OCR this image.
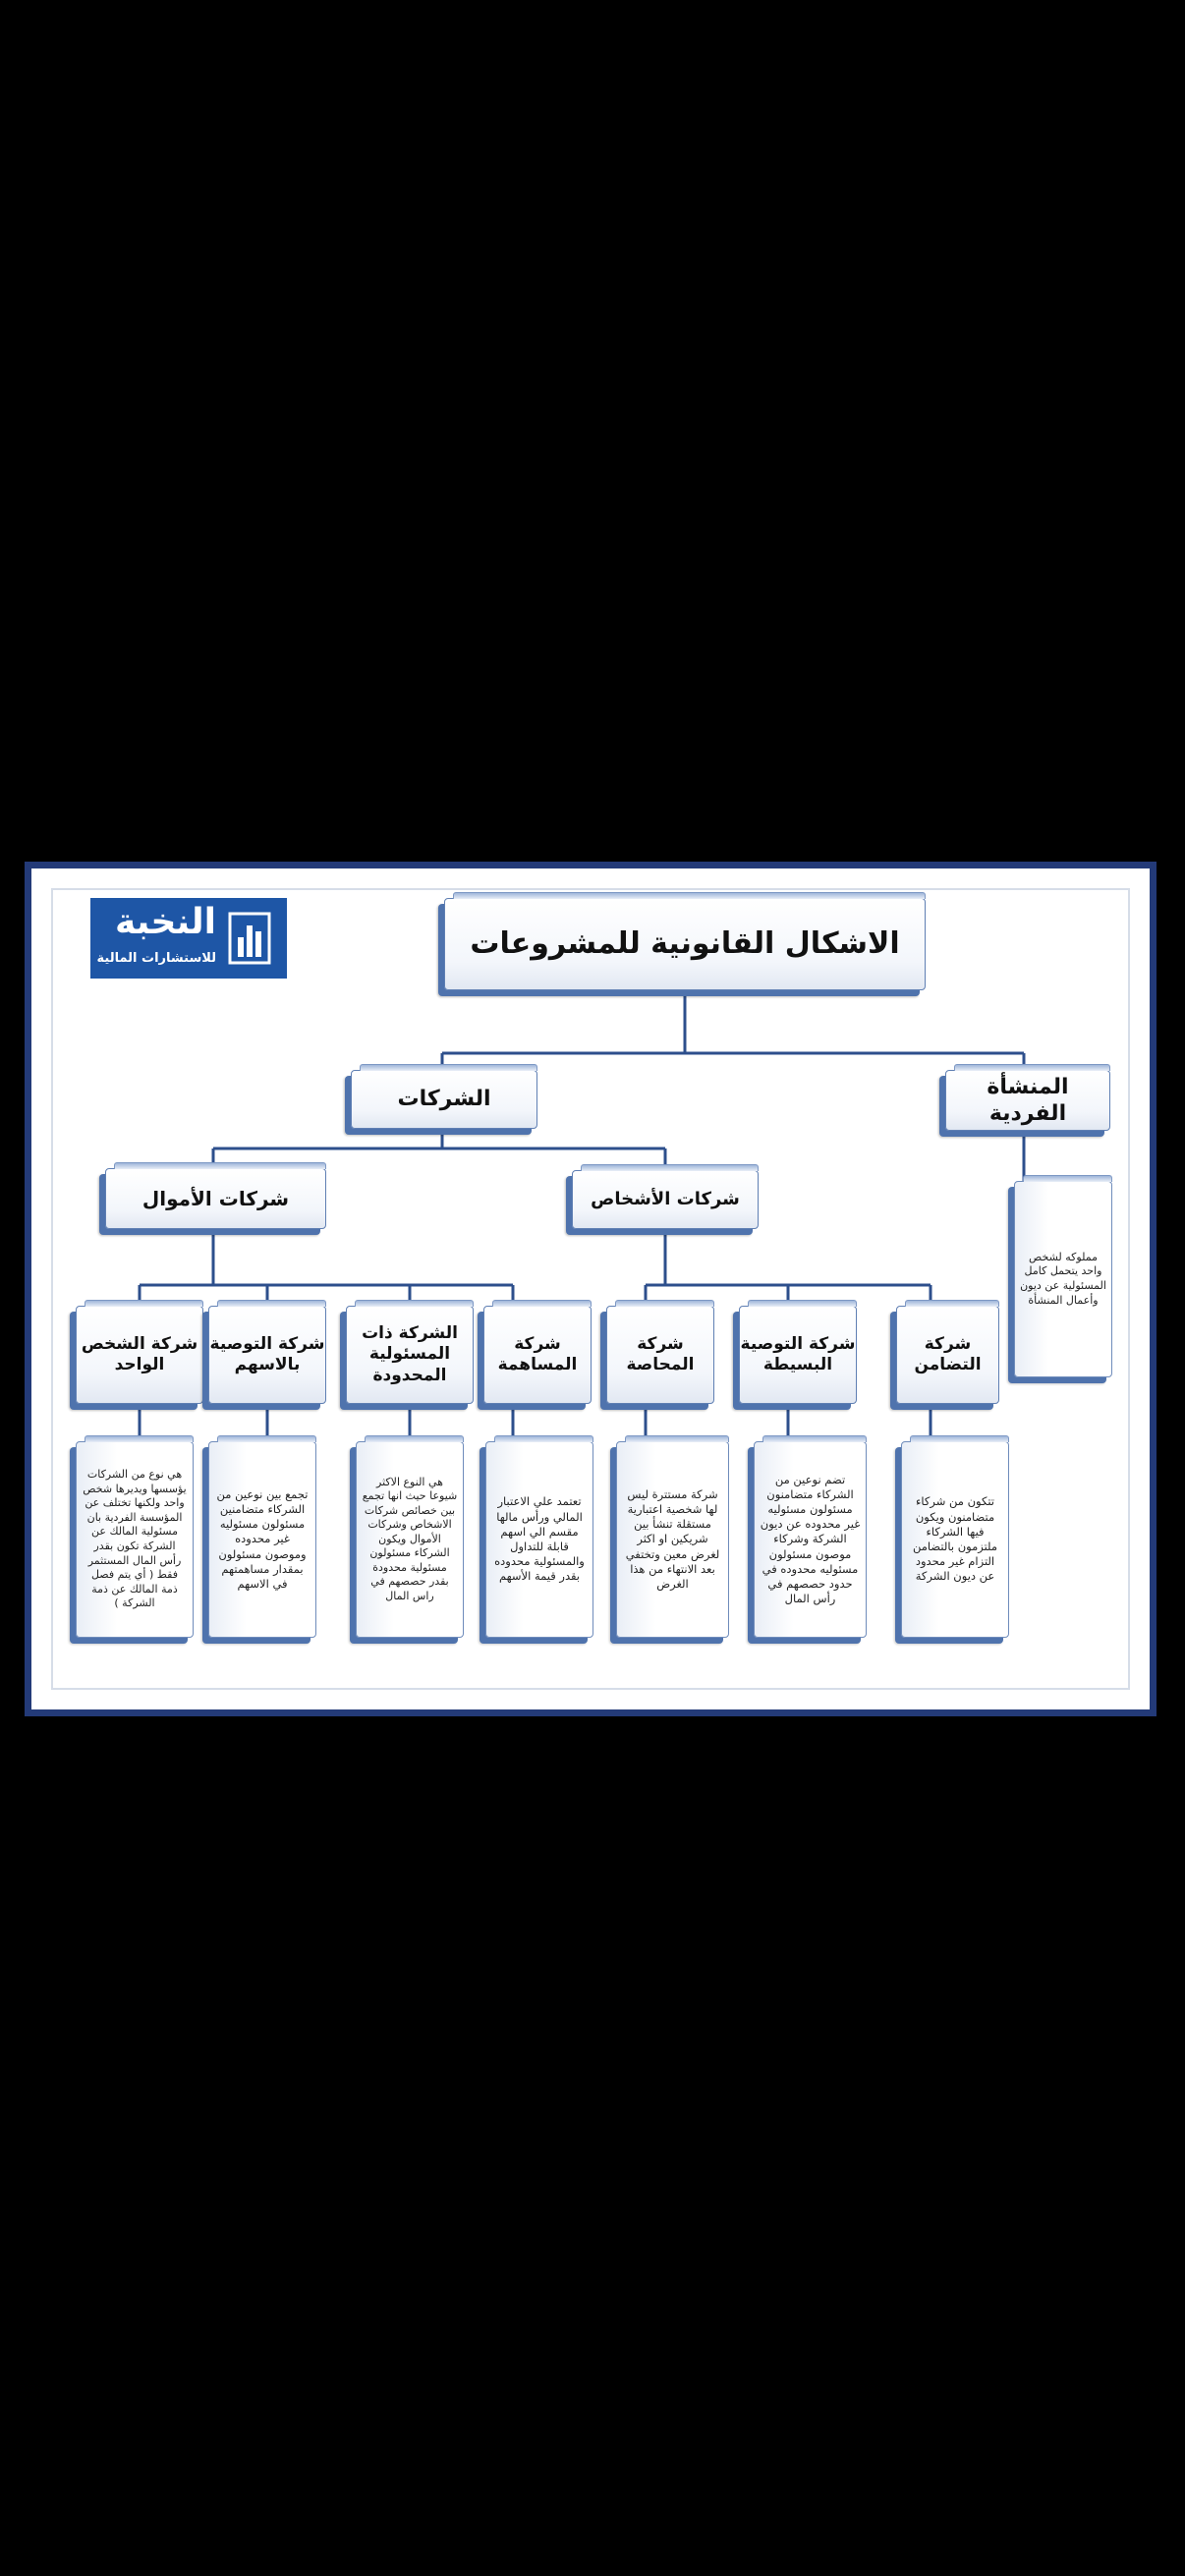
النخبة
للاستشارات المالية	الاشكال القانونية للمشروعات
الشركات
المنشأة الفردية
مملوكه لشخص واحد يتحمل كامل المسئولية عن ديون وأعمال المنشأة
شركات الأموال	شركات الأشخاص
شركة الشخص الواحد
شركة التوصية بالاسهم
الشركة ذات المسئولية المحدودة
شركة المساهمة
شركة المحاصة
شركة التوصية البسيطة
شركة التضامن
هي نوع من الشركات يؤسسها ويديرها شخص واحد ولكنها تختلف عن المؤسسة الفردية بان مسئولية المالك عن الشركة تكون بقدر رأس المال المستثمر فقط ( أي يتم فصل ذمة المالك عن ذمة الشركة )
تجمع بين نوعين من الشركاء متضامنين مسئولون مسئوليه غير محدوده وموصون مسئولون بمقدار مساهمتهم في الاسهم
هي النوع الاكثر شيوعا حيث انها تجمع بين خصائص شركات الاشخاص وشركات الأموال ويكون الشركاء مسئولون مسئولية محدودة بقدر حصصهم في راس المال
تعتمد علي الاعتبار المالي ورأس مالها مقسم الي اسهم قابلة للتداول والمسئولية محدوده بقدر قيمة الأسهم
شركة مستترة ليس لها شخصية اعتبارية مستقلة تنشأ بين شريكين او اكثر لغرض معين وتختفي بعد الانتهاء من هذا الغرض
تضم نوعين من الشركاء متضامنون مسئولون مسئوليه غير محدوده عن ديون الشركة وشركاء موصون مسئولون مسئوليه محدوده في حدود حصصهم في رأس المال
تتكون من شركاء متضامنون ويكون فيها الشركاء ملتزمون بالتضامن التزام غير محدود عن ديون الشركة
